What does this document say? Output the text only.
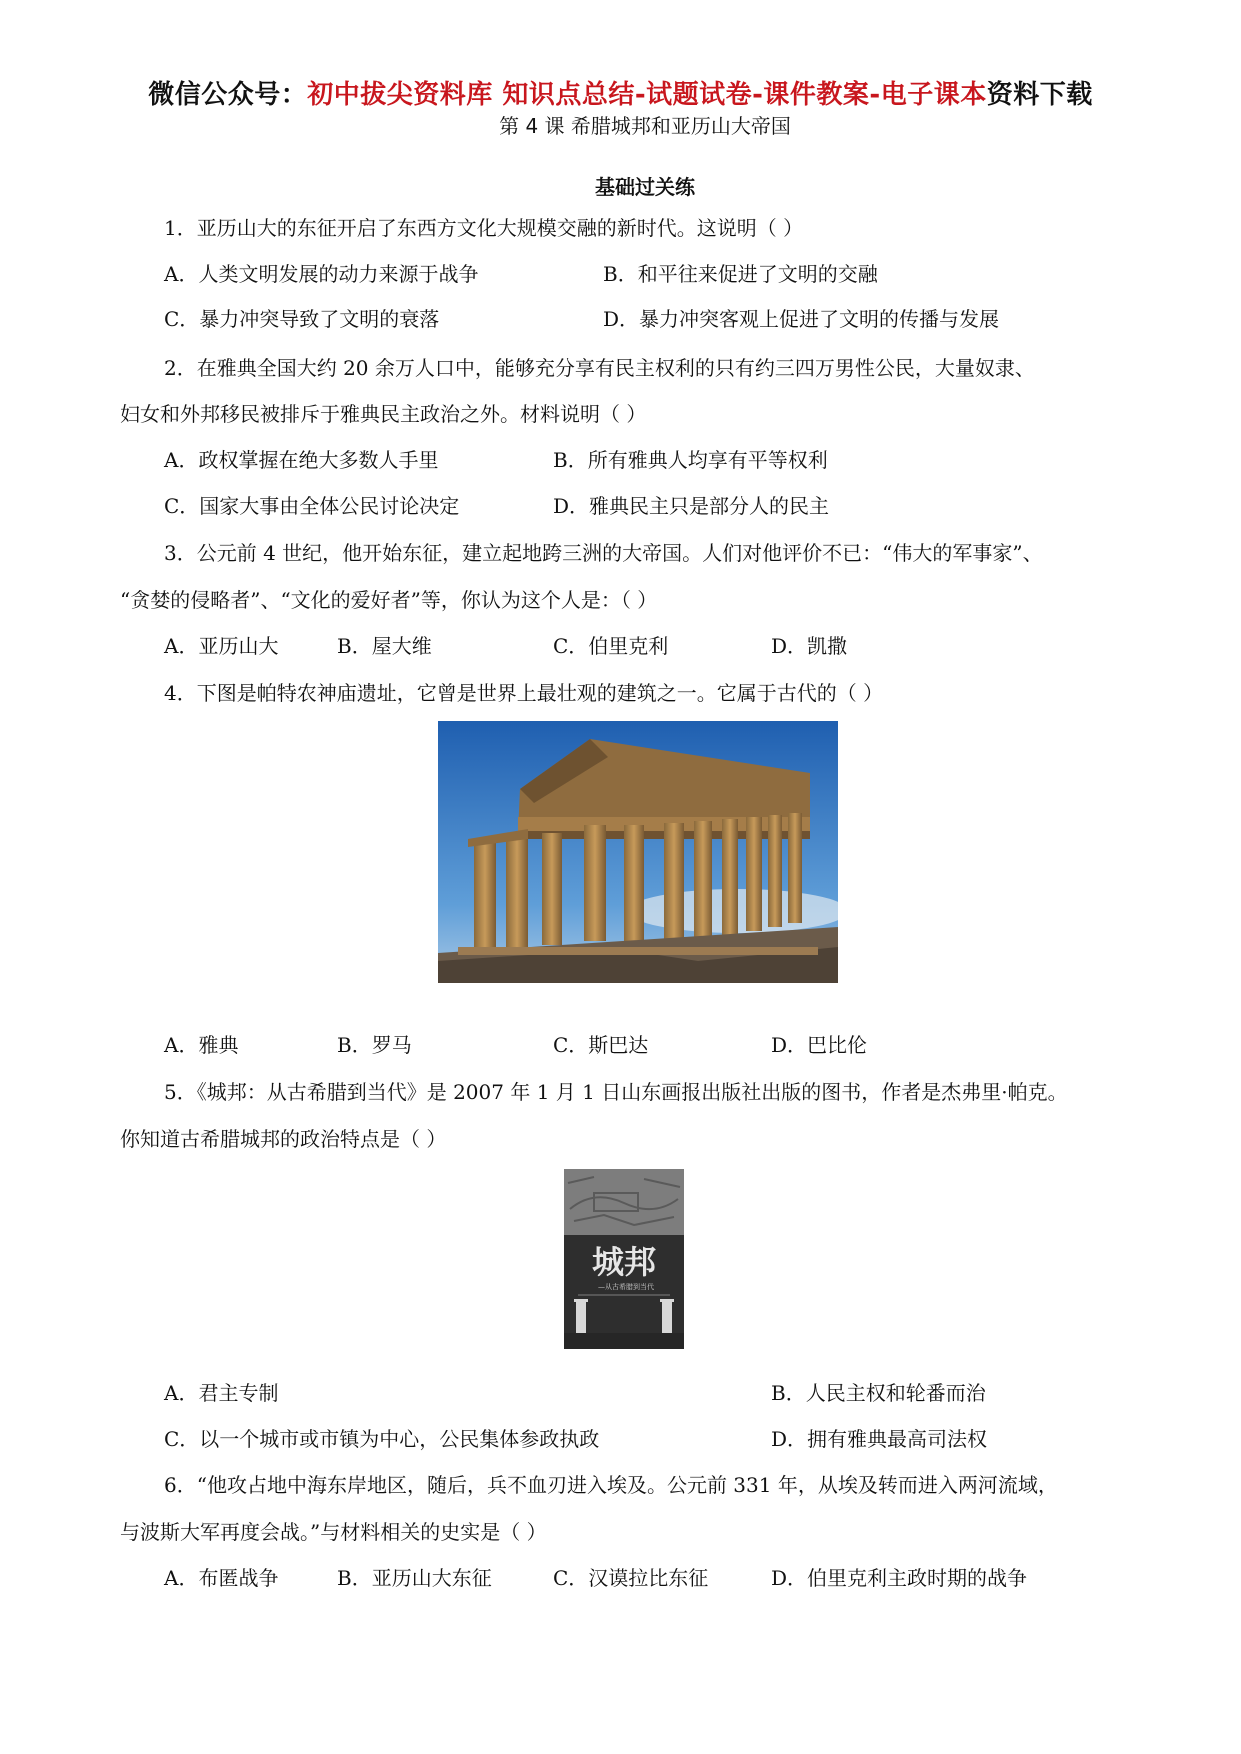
微信公众号：初中拔尖资料库 知识点总结-试题试卷-课件教案-电子课本资料下载
第 4 课 希腊城邦和亚历山大帝国
基础过关练
1．亚历山大的东征开启了东西方文化大规模交融的新时代。这说明（ ）
A．人类文明发展的动力来源于战争	B．和平往来促进了文明的交融
C．暴力冲突导致了文明的衰落	D．暴力冲突客观上促进了文明的传播与发展
2．在雅典全国大约 20 余万人口中，能够充分享有民主权利的只有约三四万男性公民，大量奴隶、
妇女和外邦移民被排斥于雅典民主政治之外。材料说明（ ）
A．政权掌握在绝大多数人手里	B．所有雅典人均享有平等权利
C．国家大事由全体公民讨论决定	D．雅典民主只是部分人的民主
3．公元前 4 世纪，他开始东征，建立起地跨三洲的大帝国。人们对他评价不已：“伟大的军事家”、
“贪婪的侵略者”、“文化的爱好者”等，你认为这个人是：（ ）
A．亚历山大	B．屋大维	C．伯里克利	D．凯撒
4．下图是帕特农神庙遗址，它曾是世界上最壮观的建筑之一。它属于古代的（ ）
A．雅典	B．罗马	C．斯巴达	D．巴比伦
5．《城邦：从古希腊到当代》是 2007 年 1 月 1 日山东画报出版社出版的图书，作者是杰弗里·帕克。
你知道古希腊城邦的政治特点是（ ）
城邦
—从古希腊到当代
A．君主专制	B．人民主权和轮番而治
C．以一个城市或市镇为中心，公民集体参政执政	D．拥有雅典最高司法权
6．“他攻占地中海东岸地区，随后，兵不血刃进入埃及。公元前 331 年，从埃及转而进入两河流域，
与波斯大军再度会战。”与材料相关的史实是（ ）
A．布匿战争	B．亚历山大东征	C．汉谟拉比东征	D．伯里克利主政时期的战争
